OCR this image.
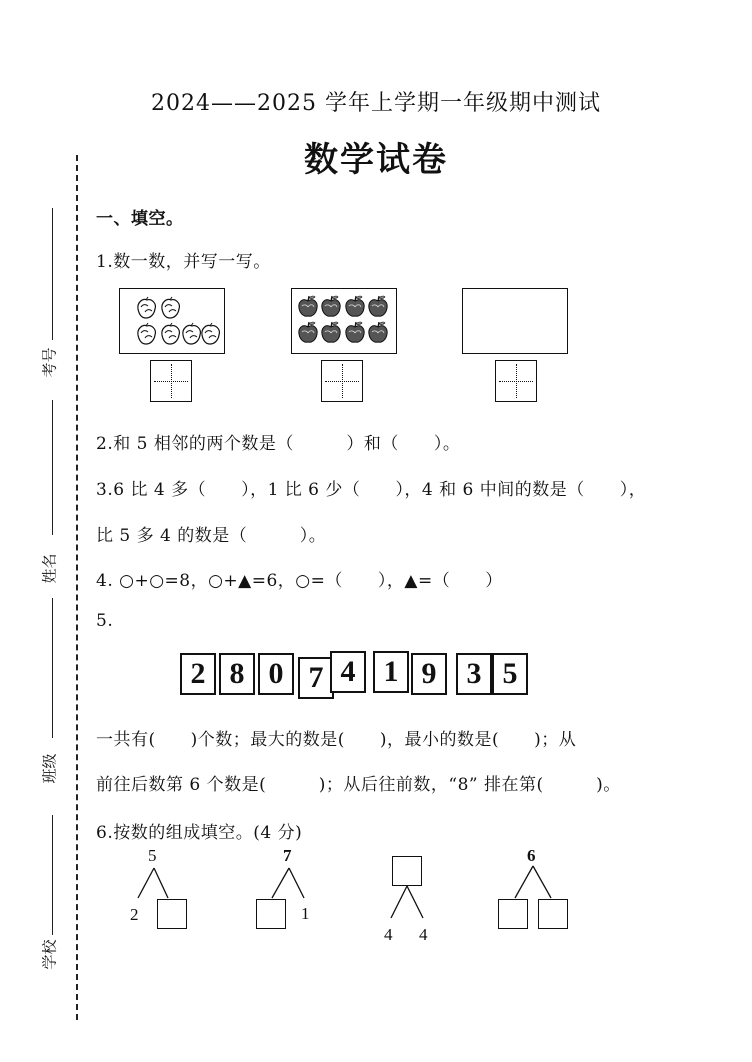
考号
姓名
班级
学校
2024——2025 学年上学期一年级期中测试
数学试卷
一、填空。
1.数一数，并写一写。
2.和 5 相邻的两个数是（　　　）和（　　）。
3.6 比 4 多（　　），1 比 6 少（　　），4 和 6 中间的数是（　　），
比 5 多 4 的数是（　　　）。
4. ○+○=8，○+▲=6，○=（　　），▲=（　　）
5.
2 8 0 7 4 1 9	3 5
一共有(　　)个数；最大的数是(　　)，最小的数是(　　)；从
前往后数第 6 个数是(　　　)；从后往前数，“8” 排在第(　　　)。
6.按数的组成填空。(4 分)
5
2
7
1
4 4
6
